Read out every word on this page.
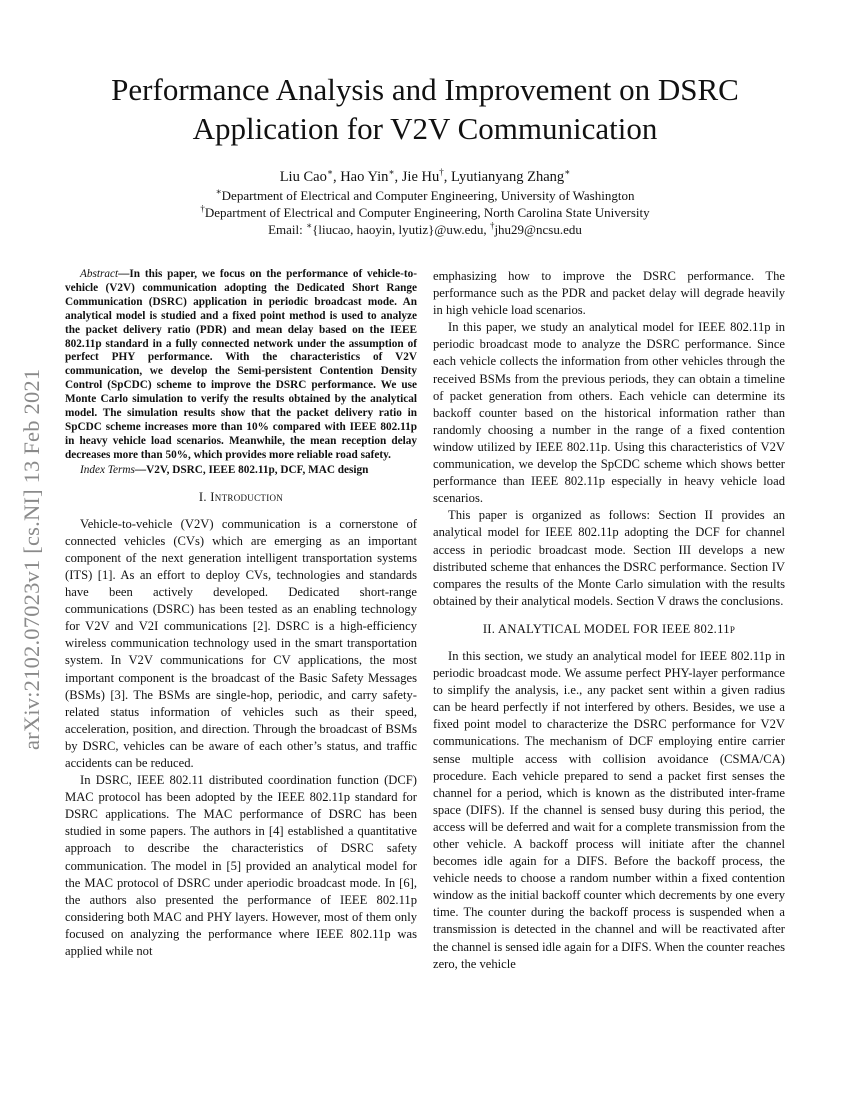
arXiv:2102.07023v1 [cs.NI] 13 Feb 2021
Performance Analysis and Improvement on DSRC
Application for V2V Communication
Liu Cao∗, Hao Yin∗, Jie Hu†, Lyutianyang Zhang∗
∗Department of Electrical and Computer Engineering, University of Washington
†Department of Electrical and Computer Engineering, North Carolina State University
Email: ∗{liucao, haoyin, lyutiz}@uw.edu, †jhu29@ncsu.edu

Abstract—In this paper, we focus on the performance of vehicle-to-vehicle (V2V) communication adopting the Dedicated Short Range Communication (DSRC) application in periodic broadcast mode. An analytical model is studied and a fixed point method is used to analyze the packet delivery ratio (PDR) and mean delay based on the IEEE 802.11p standard in a fully connected network under the assumption of perfect PHY performance. With the characteristics of V2V communication, we develop the Semi-persistent Contention Density Control (SpCDC) scheme to improve the DSRC performance. We use Monte Carlo simulation to verify the results obtained by the analytical model. The simulation results show that the packet delivery ratio in SpCDC scheme increases more than 10% compared with IEEE 802.11p in heavy vehicle load scenarios. Meanwhile, the mean reception delay decreases more than 50%, which provides more reliable road safety.

Index Terms—V2V, DSRC, IEEE 802.11p, DCF, MAC design

I. Introduction

Vehicle-to-vehicle (V2V) communication is a cornerstone of connected vehicles (CVs) which are emerging as an important component of the next generation intelligent transportation systems (ITS) [1]. As an effort to deploy CVs, technologies and standards have been actively developed. Dedicated short-range communications (DSRC) has been tested as an enabling technology for V2V and V2I communications [2]. DSRC is a high-efficiency wireless communication technology used in the smart transportation system. In V2V communications for CV applications, the most important component is the broadcast of the Basic Safety Messages (BSMs) [3]. The BSMs are single-hop, periodic, and carry safety-related status information of vehicles such as their speed, acceleration, position, and direction. Through the broadcast of BSMs by DSRC, vehicles can be aware of each other’s status, and traffic accidents can be reduced.

In DSRC, IEEE 802.11 distributed coordination function (DCF) MAC protocol has been adopted by the IEEE 802.11p standard for DSRC applications. The MAC performance of DSRC has been studied in some papers. The authors in [4] established a quantitative approach to describe the characteristics of DSRC safety communication. The model in [5] provided an analytical model for the MAC protocol of DSRC under aperiodic broadcast mode. In [6], the authors also presented the performance of IEEE 802.11p considering both MAC and PHY layers. However, most of them only focused on analyzing the performance where IEEE 802.11p was applied while not

emphasizing how to improve the DSRC performance. The performance such as the PDR and packet delay will degrade heavily in high vehicle load scenarios.

In this paper, we study an analytical model for IEEE 802.11p in periodic broadcast mode to analyze the DSRC performance. Since each vehicle collects the information from other vehicles through the received BSMs from the previous periods, they can obtain a timeline of packet generation from others. Each vehicle can determine its backoff counter based on the historical information rather than randomly choosing a number in the range of a fixed contention window utilized by IEEE 802.11p. Using this characteristics of V2V communication, we develop the SpCDC scheme which shows better performance than IEEE 802.11p especially in heavy vehicle load scenarios.

This paper is organized as follows: Section II provides an analytical model for IEEE 802.11p adopting the DCF for channel access in periodic broadcast mode. Section III develops a new distributed scheme that enhances the DSRC performance. Section IV compares the results of the Monte Carlo simulation with the results obtained by their analytical models. Section V draws the conclusions.

II. ANALYTICAL MODEL FOR IEEE 802.11p

In this section, we study an analytical model for IEEE 802.11p in periodic broadcast mode. We assume perfect PHY-layer performance to simplify the analysis, i.e., any packet sent within a given radius can be heard perfectly if not interfered by others. Besides, we use a fixed point model to characterize the DSRC performance for V2V communications. The mechanism of DCF employing entire carrier sense multiple access with collision avoidance (CSMA/CA) procedure. Each vehicle prepared to send a packet first senses the channel for a period, which is known as the distributed inter-frame space (DIFS). If the channel is sensed busy during this period, the access will be deferred and wait for a complete transmission from the other vehicle. A backoff process will initiate after the channel becomes idle again for a DIFS. Before the backoff process, the vehicle needs to choose a random number within a fixed contention window as the initial backoff counter which decrements by one every time. The counter during the backoff process is suspended when a transmission is detected in the channel and will be reactivated after the channel is sensed idle again for a DIFS. When the counter reaches zero, the vehicle
